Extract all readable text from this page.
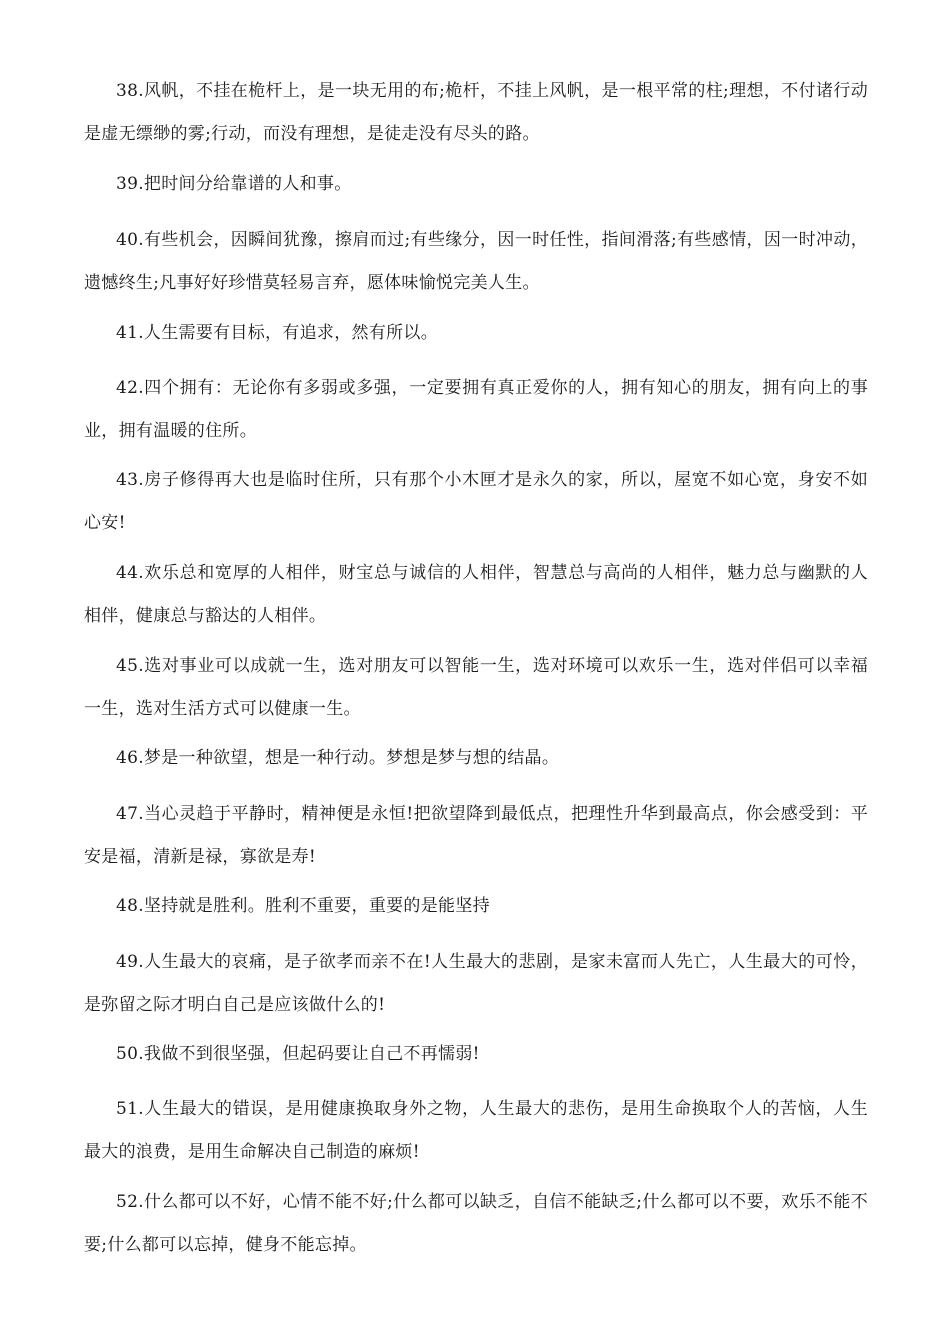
38.风帆，不挂在桅杆上，是一块无用的布;桅杆，不挂上风帆，是一根平常的柱;理想，不付诸行动是虚无缥缈的雾;行动，而没有理想，是徒走没有尽头的路。

39.把时间分给靠谱的人和事。

40.有些机会，因瞬间犹豫，擦肩而过;有些缘分，因一时任性，指间滑落;有些感情，因一时冲动，遗憾终生;凡事好好珍惜莫轻易言弃，愿体味愉悦完美人生。

41.人生需要有目标，有追求，然有所以。

42.四个拥有：无论你有多弱或多强，一定要拥有真正爱你的人，拥有知心的朋友，拥有向上的事业，拥有温暖的住所。

43.房子修得再大也是临时住所，只有那个小木匣才是永久的家，所以，屋宽不如心宽，身安不如心安!

44.欢乐总和宽厚的人相伴，财宝总与诚信的人相伴，智慧总与高尚的人相伴，魅力总与幽默的人相伴，健康总与豁达的人相伴。

45.选对事业可以成就一生，选对朋友可以智能一生，选对环境可以欢乐一生，选对伴侣可以幸福一生，选对生活方式可以健康一生。

46.梦是一种欲望，想是一种行动。梦想是梦与想的结晶。

47.当心灵趋于平静时，精神便是永恒!把欲望降到最低点，把理性升华到最高点，你会感受到：平安是福，清新是禄，寡欲是寿!

48.坚持就是胜利。胜利不重要，重要的是能坚持

49.人生最大的哀痛，是子欲孝而亲不在!人生最大的悲剧，是家未富而人先亡，人生最大的可怜，是弥留之际才明白自己是应该做什么的!

50.我做不到很坚强，但起码要让自己不再懦弱!

51.人生最大的错误，是用健康换取身外之物，人生最大的悲伤，是用生命换取个人的苦恼，人生最大的浪费，是用生命解决自己制造的麻烦!

52.什么都可以不好，心情不能不好;什么都可以缺乏，自信不能缺乏;什么都可以不要，欢乐不能不要;什么都可以忘掉，健身不能忘掉。
